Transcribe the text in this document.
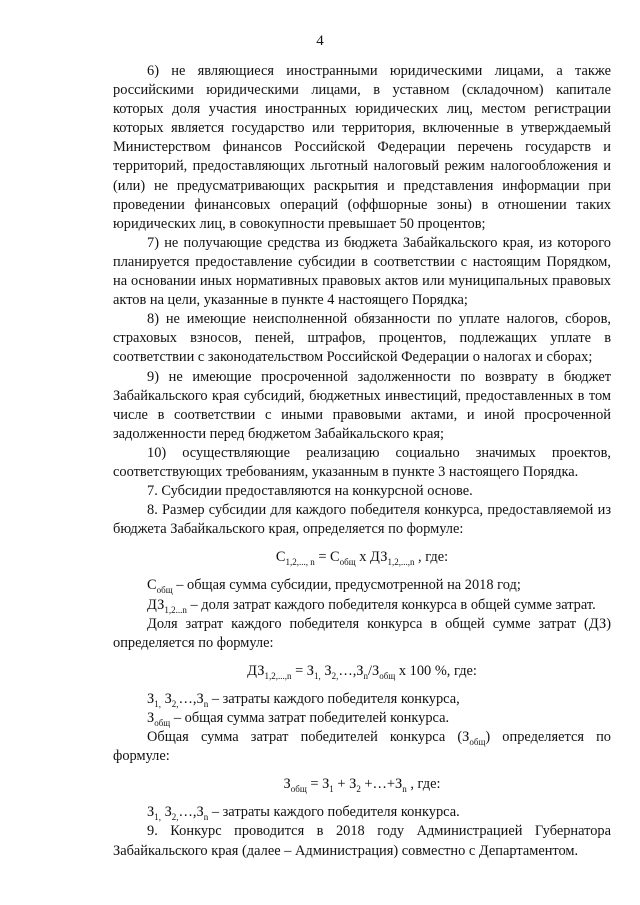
4

6) не являющиеся иностранными юридическими лицами, а также российскими юридическими лицами, в уставном (складочном) капитале которых доля участия иностранных юридических лиц, местом регистрации которых является государство или территория, включенные в утверждаемый Министерством финансов Российской Федерации перечень государств и территорий, предоставляющих льготный налоговый режим налогообложения и (или) не предусматривающих раскрытия и представления информации при проведении финансовых операций (оффшорные зоны) в отношении таких юридических лиц, в совокупности превышает 50 процентов;

7) не получающие средства из бюджета Забайкальского края, из которого планируется предоставление субсидии в соответствии с настоящим Порядком, на основании иных нормативных правовых актов или муниципальных правовых актов на цели, указанные в пункте 4 настоящего Порядка;

8) не имеющие неисполненной обязанности по уплате налогов, сборов, страховых взносов, пеней, штрафов, процентов, подлежащих уплате в соответствии с законодательством Российской Федерации о налогах и сборах;

9) не имеющие просроченной задолженности по возврату в бюджет Забайкальского края субсидий, бюджетных инвестиций, предоставленных в том числе в соответствии с иными правовыми актами, и иной просроченной задолженности перед бюджетом Забайкальского края;

10) осуществляющие реализацию социально значимых проектов, соответствующих требованиям, указанным в пункте 3 настоящего Порядка.

7. Субсидии предоставляются на конкурсной основе.

8. Размер субсидии для каждого победителя конкурса, предоставляемой из бюджета Забайкальского края, определяется по формуле:

$С_{1,2,..., n} = С_{общ}$ х $ДЗ_{1,2,...,n}$ , где:

$С_{общ}$ – общая сумма субсидии, предусмотренной на 2018 год;

$ДЗ_{1,2...n}$ – доля затрат каждого победителя конкурса в общей сумме затрат.

Доля затрат каждого победителя конкурса в общей сумме затрат (ДЗ) определяется по формуле:

$ДЗ_{1,2,...,n} = З_{1,}$ $З_{2,}\dots,З_n/З_{общ}$ х 100 %, где:

$З_{1,}$ $З_{2,}\dots,З_n$ – затраты каждого победителя конкурса,

$З_{общ}$ – общая сумма затрат победителей конкурса.

Общая сумма затрат победителей конкурса $(З_{общ})$ определяется по формуле:

$З_{общ} = З_1 + З_2$ $+\dots+З_n$ , где:

$З_{1,}$ $З_{2,}\dots,З_n$ – затраты каждого победителя конкурса.

9. Конкурс проводится в 2018 году Администрацией Губернатора Забайкальского края (далее – Администрация) совместно с Департаментом.
